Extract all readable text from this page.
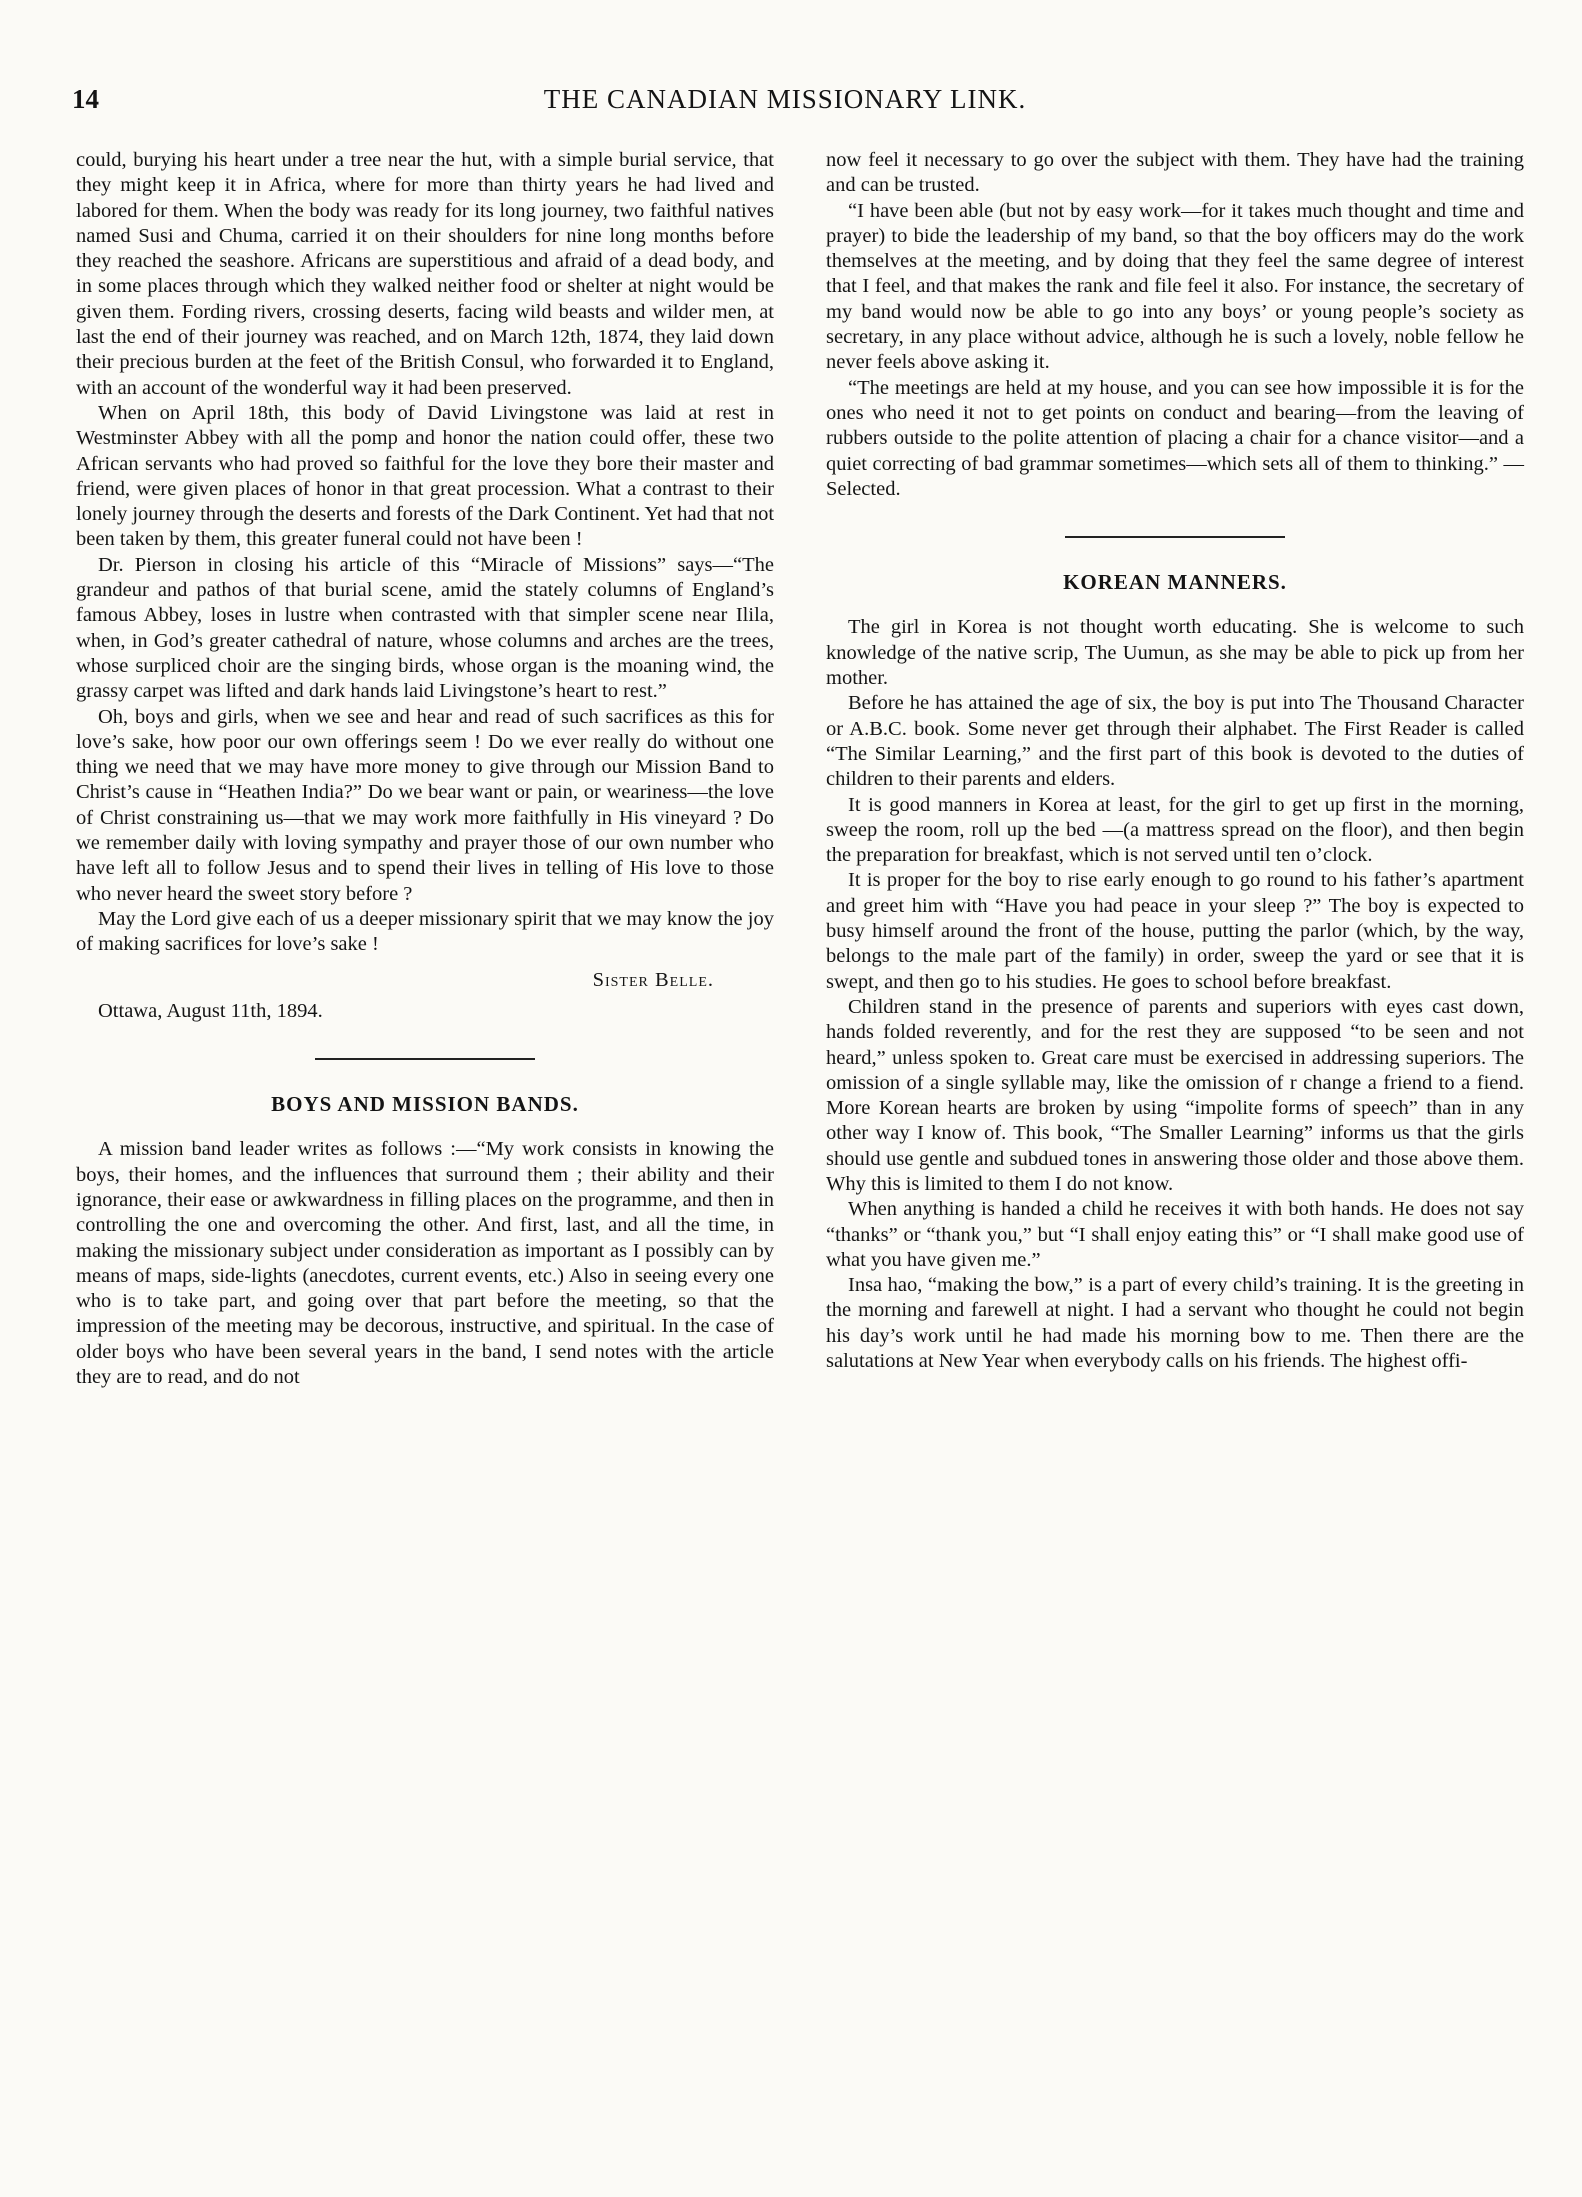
14	THE CANADIAN MISSIONARY LINK.

could, burying his heart under a tree near the hut, with a simple burial service, that they might keep it in Africa, where for more than thirty years he had lived and labored for them. When the body was ready for its long journey, two faithful natives named Susi and Chuma, carried it on their shoulders for nine long months before they reached the seashore. Africans are superstitious and afraid of a dead body, and in some places through which they walked neither food or shelter at night would be given them. Fording rivers, crossing deserts, facing wild beasts and wilder men, at last the end of their journey was reached, and on March 12th, 1874, they laid down their precious burden at the feet of the British Consul, who forwarded it to England, with an account of the wonderful way it had been preserved.

When on April 18th, this body of David Livingstone was laid at rest in Westminster Abbey with all the pomp and honor the nation could offer, these two African servants who had proved so faithful for the love they bore their master and friend, were given places of honor in that great procession. What a contrast to their lonely journey through the deserts and forests of the Dark Continent. Yet had that not been taken by them, this greater funeral could not have been !

Dr. Pierson in closing his article of this “Miracle of Missions” says—“The grandeur and pathos of that burial scene, amid the stately columns of England’s famous Abbey, loses in lustre when contrasted with that simpler scene near Ilila, when, in God’s greater cathedral of nature, whose columns and arches are the trees, whose surpliced choir are the singing birds, whose organ is the moaning wind, the grassy carpet was lifted and dark hands laid Livingstone’s heart to rest.”

Oh, boys and girls, when we see and hear and read of such sacrifices as this for love’s sake, how poor our own offerings seem ! Do we ever really do without one thing we need that we may have more money to give through our Mission Band to Christ’s cause in “Heathen India?” Do we bear want or pain, or weariness—the love of Christ constraining us—that we may work more faithfully in His vineyard ? Do we remember daily with loving sympathy and prayer those of our own number who have left all to follow Jesus and to spend their lives in telling of His love to those who never heard the sweet story before ?

May the Lord give each of us a deeper missionary spirit that we may know the joy of making sacrifices for love’s sake !

Sister Belle.

Ottawa, August 11th, 1894.

BOYS AND MISSION BANDS.

A mission band leader writes as follows :—“My work consists in knowing the boys, their homes, and the influences that surround them ; their ability and their ignorance, their ease or awkwardness in filling places on the programme, and then in controlling the one and overcoming the other. And first, last, and all the time, in making the missionary subject under consideration as important as I possibly can by means of maps, side-lights (anecdotes, current events, etc.) Also in seeing every one who is to take part, and going over that part before the meeting, so that the impression of the meeting may be decorous, instructive, and spiritual. In the case of older boys who have been several years in the band, I send notes with the article they are to read, and do not

now feel it necessary to go over the subject with them. They have had the training and can be trusted.

“I have been able (but not by easy work—for it takes much thought and time and prayer) to bide the leadership of my band, so that the boy officers may do the work themselves at the meeting, and by doing that they feel the same degree of interest that I feel, and that makes the rank and file feel it also. For instance, the secretary of my band would now be able to go into any boys’ or young people’s society as secretary, in any place without advice, although he is such a lovely, noble fellow he never feels above asking it.

“The meetings are held at my house, and you can see how impossible it is for the ones who need it not to get points on conduct and bearing—from the leaving of rubbers outside to the polite attention of placing a chair for a chance visitor—and a quiet correcting of bad grammar sometimes—which sets all of them to thinking.” —Selected.

KOREAN MANNERS.

The girl in Korea is not thought worth educating. She is welcome to such knowledge of the native scrip, The Uumun, as she may be able to pick up from her mother.

Before he has attained the age of six, the boy is put into The Thousand Character or A.B.C. book. Some never get through their alphabet. The First Reader is called “The Similar Learning,” and the first part of this book is devoted to the duties of children to their parents and elders.

It is good manners in Korea at least, for the girl to get up first in the morning, sweep the room, roll up the bed —(a mattress spread on the floor), and then begin the preparation for breakfast, which is not served until ten o’clock.

It is proper for the boy to rise early enough to go round to his father’s apartment and greet him with “Have you had peace in your sleep ?” The boy is expected to busy himself around the front of the house, putting the parlor (which, by the way, belongs to the male part of the family) in order, sweep the yard or see that it is swept, and then go to his studies. He goes to school before breakfast.

Children stand in the presence of parents and superiors with eyes cast down, hands folded reverently, and for the rest they are supposed “to be seen and not heard,” unless spoken to. Great care must be exercised in addressing superiors. The omission of a single syllable may, like the omission of r change a friend to a fiend. More Korean hearts are broken by using “impolite forms of speech” than in any other way I know of. This book, “The Smaller Learning” informs us that the girls should use gentle and subdued tones in answering those older and those above them. Why this is limited to them I do not know.

When anything is handed a child he receives it with both hands. He does not say “thanks” or “thank you,” but “I shall enjoy eating this” or “I shall make good use of what you have given me.”

Insa hao, “making the bow,” is a part of every child’s training. It is the greeting in the morning and farewell at night. I had a servant who thought he could not begin his day’s work until he had made his morning bow to me. Then there are the salutations at New Year when everybody calls on his friends. The highest offi-
